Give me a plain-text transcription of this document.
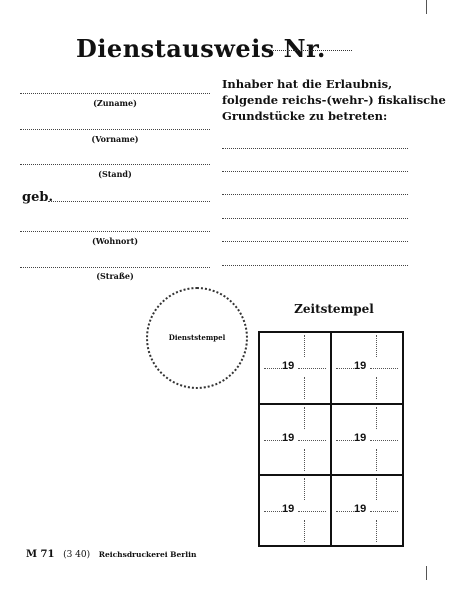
Dienstausweis Nr.
(Zuname)
(Vorname)
(Stand)
geb.
(Wohnort)
(Straße)
Inhaber hat die Erlaubnis,
folgende reichs-(wehr-) fiskalische
Grundstücke zu betreten:
Dienststempel
Zeitstempel
19	19
19	19
19	19
M 71 (3 40) Reichsdruckerei Berlin
